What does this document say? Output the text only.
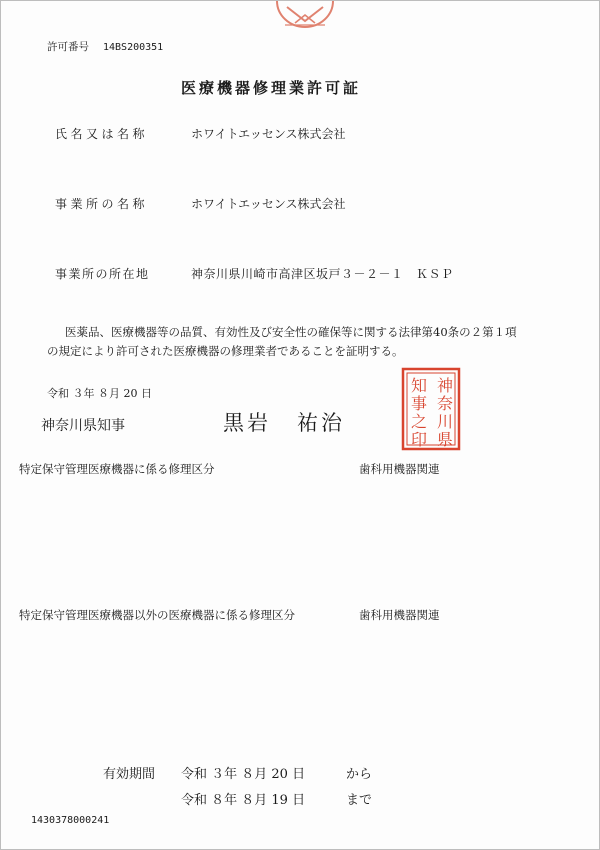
許可番号 14BS200351
医療機器修理業許可証
氏名又は名称	ホワイトエッセンス株式会社
事業所の名称	ホワイトエッセンス株式会社
事業所の所在地	神奈川県川崎市高津区坂戸３－２－１　ＫＳＰ
医薬品、医療機器等の品質、有効性及び安全性の確保等に関する法律第40条の２第１項
の規定により許可された医療機器の修理業者であることを証明する。
令和 ３年 ８月 20 日
神奈川県知事	黒岩 祐治
神
奈
川
県
知
事
之
印
特定保守管理医療機器に係る修理区分	歯科用機器関連
特定保守管理医療機器以外の医療機器に係る修理区分	歯科用機器関連
有効期間 令和 ３年 ８月 20 日	から
令和 ８年 ８月 19 日	まで
1430378000241
